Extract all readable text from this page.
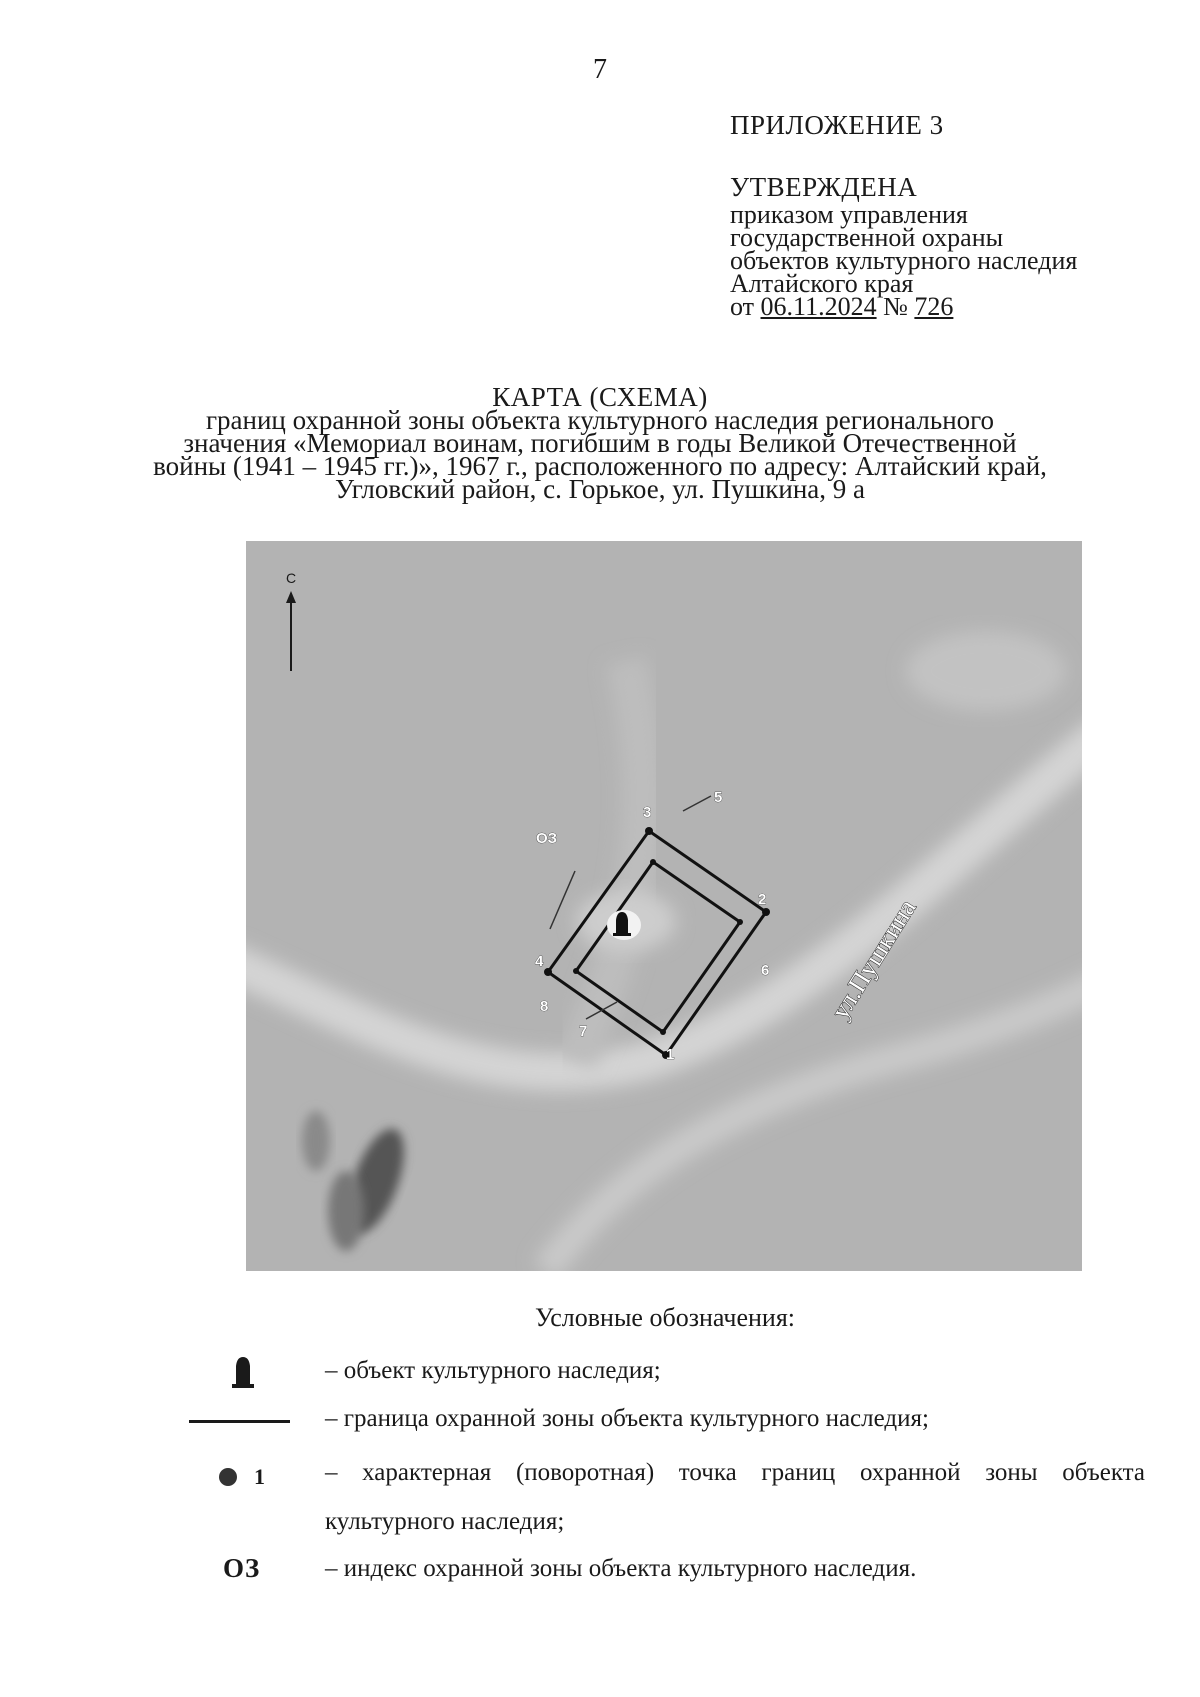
7
ПРИЛОЖЕНИЕ 3
УТВЕРЖДЕНА
приказом управления
государственной охраны
объектов культурного наследия
Алтайского края
от 06.11.2024 № 726
КАРТА (СХЕМА)
границ охранной зоны объекта культурного наследия регионального
значения «Мемориал воинам, погибшим в годы Великой Отечественной
войны (1941 – 1945 гг.)», 1967 г., расположенного по адресу: Алтайский край,
Угловский район, с. Горькое, ул. Пушкина, 9 а
С
1
2
3
4
5
6
7
8
ОЗ
ул.Пушкина
Условные обозначения:
– объект культурного наследия;
– граница охранной зоны объекта культурного наследия;
1 – характерная (поворотная) точка границ охранной зоны объекта
культурного наследия;
ОЗ	– индекс охранной зоны объекта культурного наследия.
